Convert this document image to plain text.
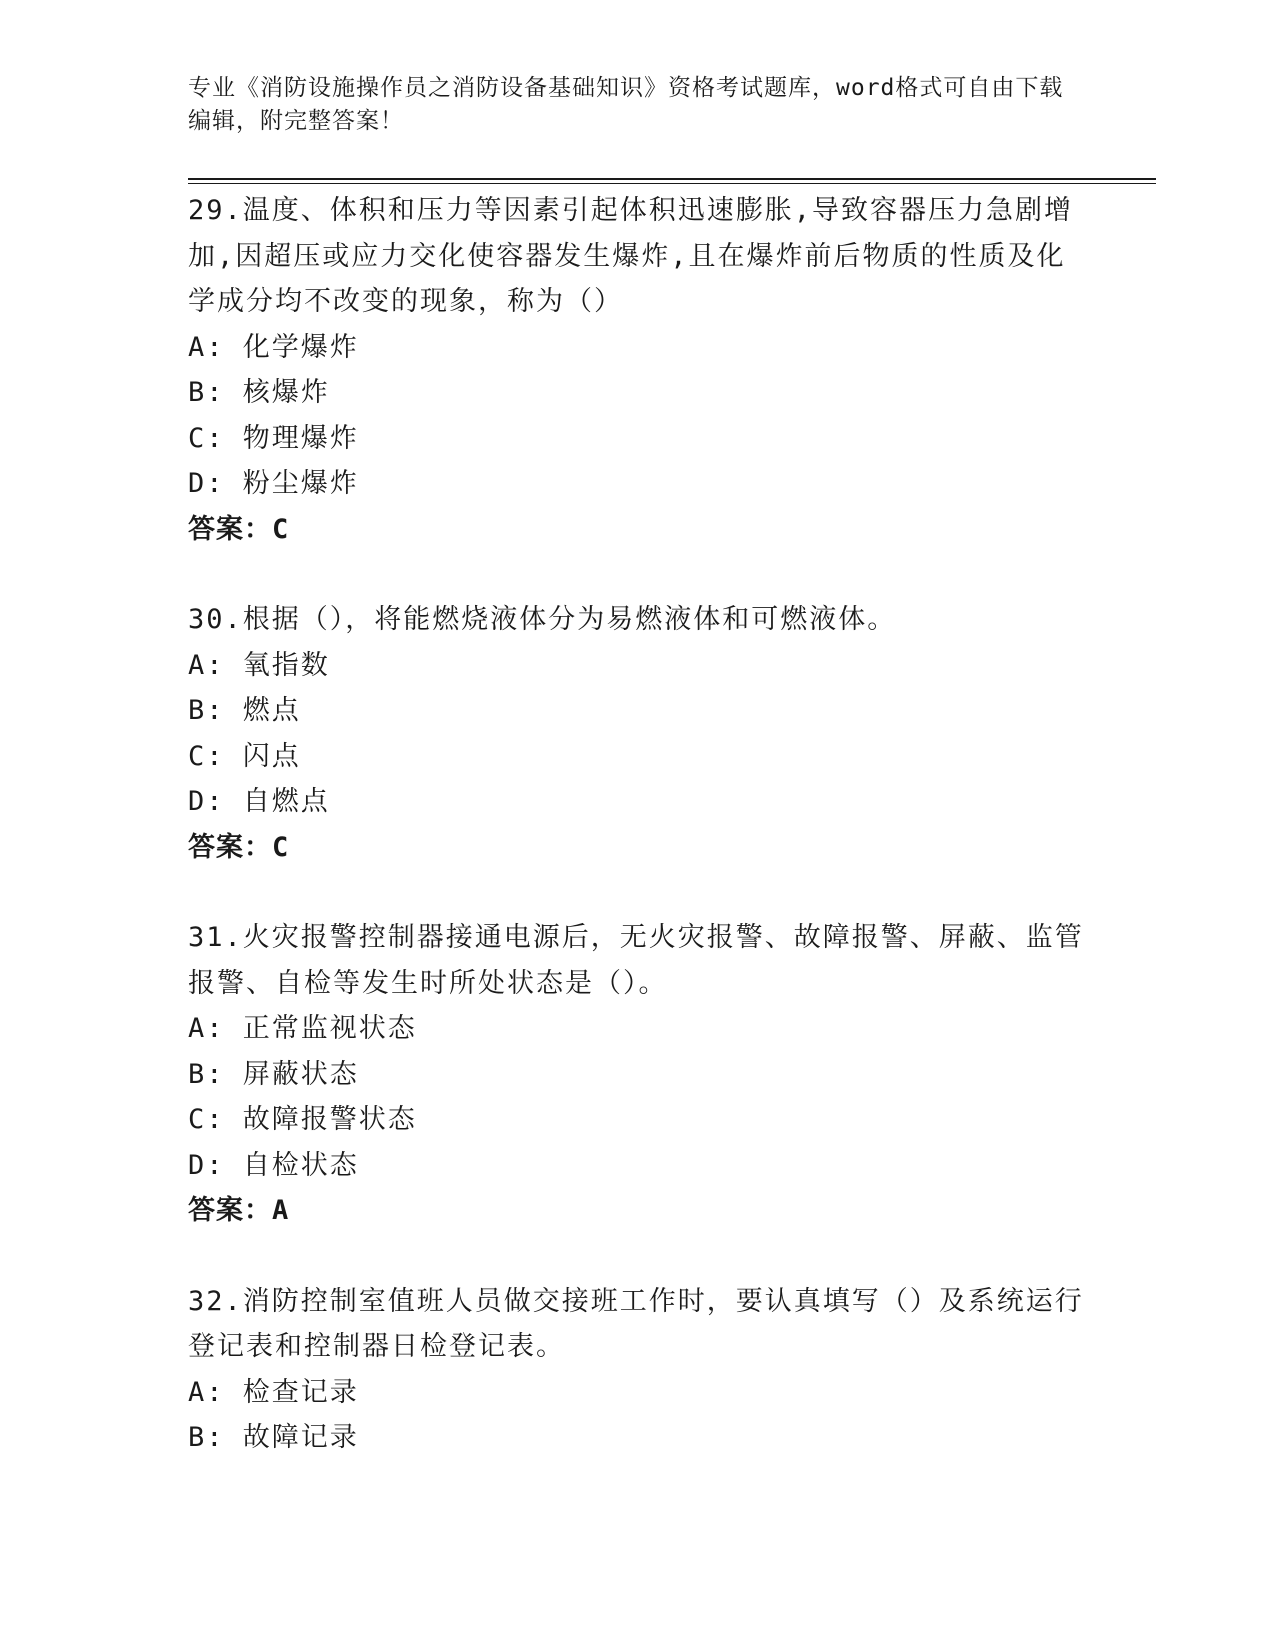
专业《消防设施操作员之消防设备基础知识》资格考试题库，word格式可自由下载编辑，附完整答案！
29.温度、体积和压力等因素引起体积迅速膨胀,导致容器压力急剧增加,因超压或应力交化使容器发生爆炸,且在爆炸前后物质的性质及化学成分均不改变的现象，称为（）
A: 化学爆炸
B: 核爆炸
C: 物理爆炸
D: 粉尘爆炸
答案：C
30.根据（），将能燃烧液体分为易燃液体和可燃液体。
A: 氧指数
B: 燃点
C: 闪点
D: 自燃点
答案：C
31.火灾报警控制器接通电源后，无火灾报警、故障报警、屏蔽、监管报警、自检等发生时所处状态是（）。
A: 正常监视状态
B: 屏蔽状态
C: 故障报警状态
D: 自检状态
答案：A
32.消防控制室值班人员做交接班工作时，要认真填写（）及系统运行登记表和控制器日检登记表。
A: 检查记录
B: 故障记录
